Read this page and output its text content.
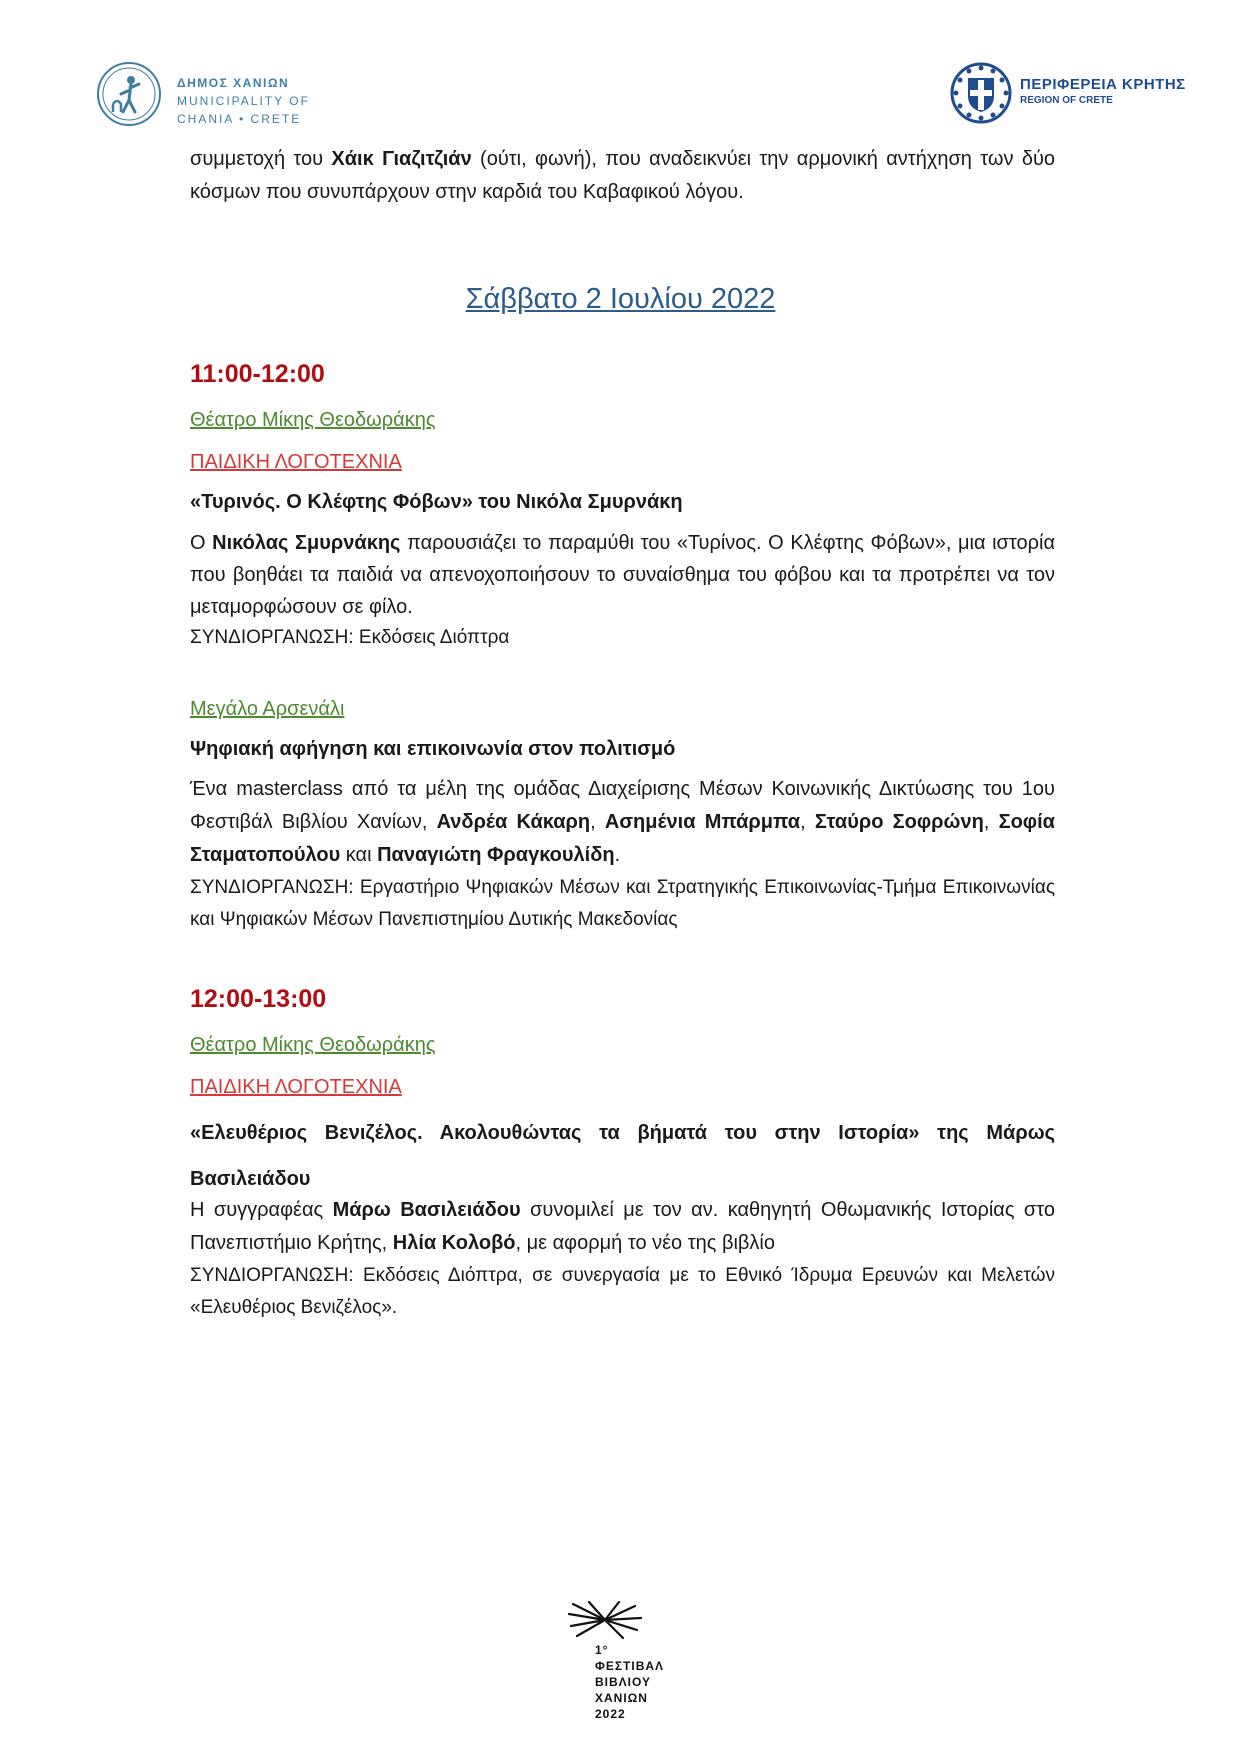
ΔΗΜΟΣ ΧΑΝΙΩΝ
MUNICIPALITY OF
CHANIA • CRETE
ΠΕΡΙΦΕΡΕΙΑ ΚΡΗΤΗΣ
REGION OF CRETE

συμμετοχή του Χάικ Γιαζιτζιάν (ούτι, φωνή), που αναδεικνύει την αρμονική αντήχηση των δύο κόσμων που συνυπάρχουν στην καρδιά του Καβαφικού λόγου.

Σάββατο 2 Ιουλίου 2022
11:00-12:00
Θέατρο Μίκης Θεοδωράκης
ΠΑΙΔΙΚΗ ΛΟΓΟΤΕΧΝΙΑ
«Τυρινός. Ο Κλέφτης Φόβων» του Νικόλα Σμυρνάκη

Ο Νικόλας Σμυρνάκης παρουσιάζει το παραμύθι του «Τυρίνος. Ο Κλέφτης Φόβων», μια ιστορία που βοηθάει τα παιδιά να απενοχοποιήσουν το συναίσθημα του φόβου και τα προτρέπει να τον μεταμορφώσουν σε φίλο.

ΣΥΝΔΙΟΡΓΑΝΩΣΗ: Εκδόσεις Διόπτρα
Μεγάλο Αρσενάλι
Ψηφιακή αφήγηση και επικοινωνία στον πολιτισμό

Ένα masterclass από τα μέλη της ομάδας Διαχείρισης Μέσων Κοινωνικής Δικτύωσης του 1ου Φεστιβάλ Βιβλίου Χανίων, Ανδρέα Κάκαρη, Ασημένια Μπάρμπα, Σταύρο Σοφρώνη, Σοφία Σταματοπούλου και Παναγιώτη Φραγκουλίδη.

ΣΥΝΔΙΟΡΓΑΝΩΣΗ: Εργαστήριο Ψηφιακών Μέσων και Στρατηγικής Επικοινωνίας-Τμήμα Επικοινωνίας και Ψηφιακών Μέσων Πανεπιστημίου Δυτικής Μακεδονίας

12:00-13:00
Θέατρο Μίκης Θεοδωράκης
ΠΑΙΔΙΚΗ ΛΟΓΟΤΕΧΝΙΑ
«Ελευθέριος Βενιζέλος. Ακολουθώντας τα βήματά του στην Ιστορία» της Μάρως Βασιλειάδου

Η συγγραφέας Μάρω Βασιλειάδου συνομιλεί με τον αν. καθηγητή Οθωμανικής Ιστορίας στο Πανεπιστήμιο Κρήτης, Ηλία Κολοβό, με αφορμή το νέο της βιβλίο

ΣΥΝΔΙΟΡΓΑΝΩΣΗ: Εκδόσεις Διόπτρα, σε συνεργασία με το Εθνικό Ίδρυμα Ερευνών και Μελετών «Ελευθέριος Βενιζέλος».

1°
ΦΕΣΤΙΒΑΛ
ΒΙΒΛΙΟΥ
ΧΑΝΙΩΝ
2022
